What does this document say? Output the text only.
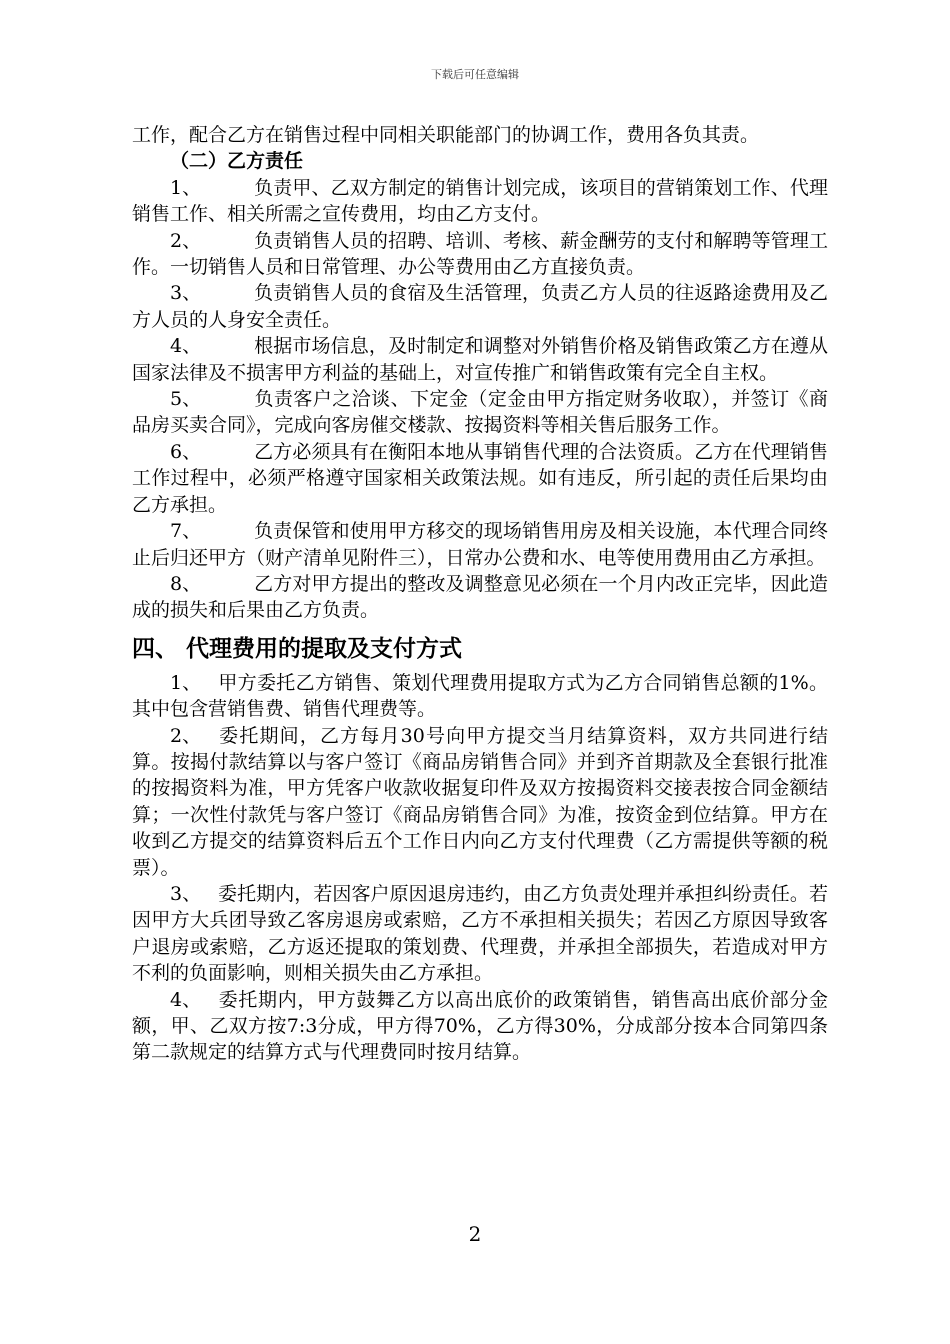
下载后可任意编辑

工作，配合乙方在销售过程中同相关职能部门的协调工作，费用各负其责。

（二）乙方责任

1、	负责甲、乙双方制定的销售计划完成，该项目的营销策划工作、代理销售工作、相关所需之宣传费用，均由乙方支付。

2、	负责销售人员的招聘、培训、考核、薪金酬劳的支付和解聘等管理工作。一切销售人员和日常管理、办公等费用由乙方直接负责。

3、	负责销售人员的食宿及生活管理，负责乙方人员的往返路途费用及乙方人员的人身安全责任。

4、	根据市场信息，及时制定和调整对外销售价格及销售政策乙方在遵从国家法律及不损害甲方利益的基础上，对宣传推广和销售政策有完全自主权。

5、	负责客户之洽谈、下定金（定金由甲方指定财务收取），并签订《商品房买卖合同》，完成向客房催交楼款、按揭资料等相关售后服务工作。

6、	乙方必须具有在衡阳本地从事销售代理的合法资质。乙方在代理销售工作过程中，必须严格遵守国家相关政策法规。如有违反，所引起的责任后果均由乙方承担。

7、	负责保管和使用甲方移交的现场销售用房及相关设施，本代理合同终止后归还甲方（财产清单见附件三），日常办公费和水、电等使用费用由乙方承担。

8、	乙方对甲方提出的整改及调整意见必须在一个月内改正完毕，因此造成的损失和后果由乙方负责。

四、 代理费用的提取及支付方式

1、 甲方委托乙方销售、策划代理费用提取方式为乙方合同销售总额的1%。其中包含营销售费、销售代理费等。

2、 委托期间，乙方每月30号向甲方提交当月结算资料，双方共同进行结算。按揭付款结算以与客户签订《商品房销售合同》并到齐首期款及全套银行批准的按揭资料为准，甲方凭客户收款收据复印件及双方按揭资料交接表按合同金额结算；一次性付款凭与客户签订《商品房销售合同》为准，按资金到位结算。甲方在收到乙方提交的结算资料后五个工作日内向乙方支付代理费（乙方需提供等额的税票）。

3、 委托期内，若因客户原因退房违约，由乙方负责处理并承担纠纷责任。若因甲方大兵团导致乙客房退房或索赔，乙方不承担相关损失；若因乙方原因导致客户退房或索赔，乙方返还提取的策划费、代理费，并承担全部损失，若造成对甲方不利的负面影响，则相关损失由乙方承担。

4、 委托期内，甲方鼓舞乙方以高出底价的政策销售，销售高出底价部分金额，甲、乙双方按7:3分成，甲方得70%，乙方得30%，分成部分按本合同第四条第二款规定的结算方式与代理费同时按月结算。

2
